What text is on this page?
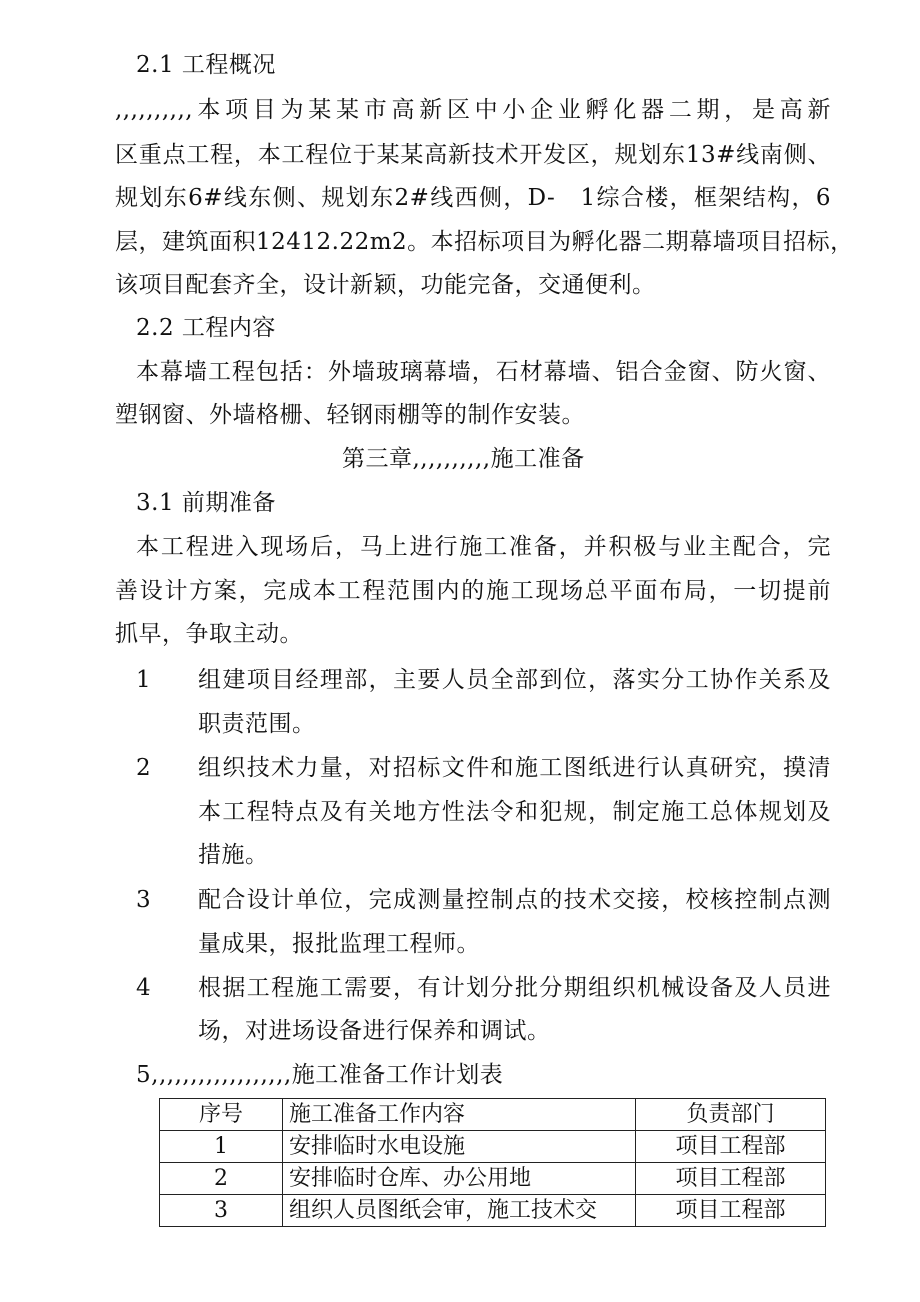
2.1 工程概况
,,,,,,,,,,本项目为某某市高新区中小企业孵化器二期，是高新
区重点工程，本工程位于某某高新技术开发区，规划东13#线南侧、
规划东6#线东侧、规划东2#线西侧，D-　1综合楼，框架结构，6
层，建筑面积12412.22m2。本招标项目为孵化器二期幕墙项目招标，
该项目配套齐全，设计新颖，功能完备，交通便利。
2.2 工程内容
本幕墙工程包括：外墙玻璃幕墙，石材幕墙、铝合金窗、防火窗、
塑钢窗、外墙格栅、轻钢雨棚等的制作安装。
第三章,,,,,,,,,,施工准备
3.1 前期准备
本工程进入现场后，马上进行施工准备，并积极与业主配合，完
善设计方案，完成本工程范围内的施工现场总平面布局，一切提前
抓早，争取主动。
1 组建项目经理部，主要人员全部到位，落实分工协作关系及
职责范围。
2 组织技术力量，对招标文件和施工图纸进行认真研究，摸清
本工程特点及有关地方性法令和犯规，制定施工总体规划及
措施。
3 配合设计单位，完成测量控制点的技术交接，校核控制点测
量成果，报批监理工程师。
4 根据工程施工需要，有计划分批分期组织机械设备及人员进
场，对进场设备进行保养和调试。
5,,,,,,,,,,,,,,,,,,施工准备工作计划表
序号	施工准备工作内容	负责部门
1	安排临时水电设施	项目工程部
2	安排临时仓库、办公用地	项目工程部
3	组织人员图纸会审，施工技术交	项目工程部
